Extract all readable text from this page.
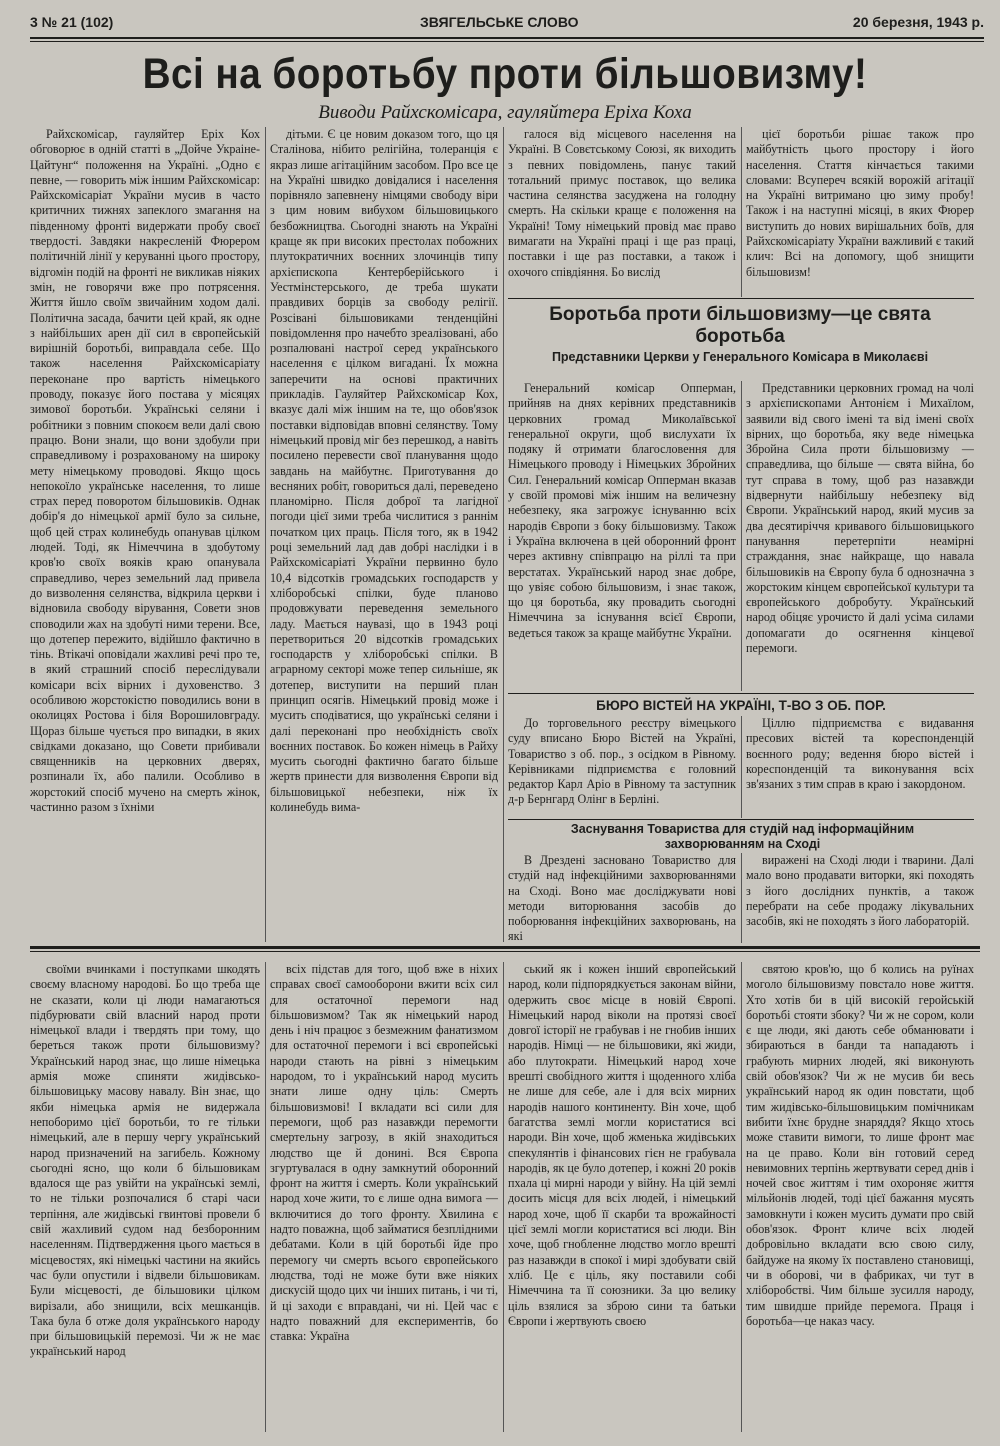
3 № 21 (102)	ЗВЯГЕЛЬСЬКЕ СЛОВО	20 березня, 1943 р.
Всі на боротьбу проти більшовизму!
Виводи Райхскомісара, гауляйтера Еріха Коха

Райхскомісар, гауляйтер Еріх Кох обговорює в одній статті в „Дойче Украіне-Цайтунг“ положення на Україні. „Одно є певне, — говорить між іншим Райхскомісар: Райхскомісаріат України мусив в часто критичних тижнях запеклого змагання на південному фронті видержати пробу своєї твердості. Завдяки накресленій Фюрером політичній лінії у керуванні цього простору, відгомін подій на фронті не викликав ніяких змін, не говорячи вже про потрясення. Життя йшло своїм звичайним ходом далі. Політична засада, бачити цей край, як одне з найбільших арен дії сил в європейській вирішній боротьбі, виправдала себе. Що також населення Райхскомісаріату переконане про вартість німецького проводу, показує його постава у місяцях зимової боротьби. Українські селяни і робітники з повним спокоєм вели далі свою працю. Вони знали, що вони здобули при справедливому і розрахованому на широку мету німецькому проводові. Якщо щось непокоїло українське населення, то лише страх перед поворотом більшовиків. Однак добір'я до німецької армії було за сильне, щоб цей страх колинебудь опанував цілком людей. Тоді, як Німеччина в здобутому кров'ю своїх вояків краю опанувала справедливо, через земельний лад привела до визволення селянства, відкрила церкви і відновила свободу вірування, Совети знов споводили жах на здобуті ними терени. Все, що дотепер пережито, відійшло фактично в тінь. Втікачі оповідали жахливі речі про те, в який страшний спосіб переслідували комісари всіх вірних і духовенство. З особливою жорстокістю поводились вони в околицях Ростова і біля Ворошиловграду. Щораз більше чується про випадки, в яких свідками доказано, що Совети прибивали священників на церковних дверях, розпинали їх, або палили. Особливо в жорстокий спосіб мучено на смерть жінок, частинно разом з їхніми

дітьми. Є це новим доказом того, що ця Сталінова, нібито релігійна, толеранція є якраз лише агітаційним засобом. Про все це на Україні швидко довідалися і населення порівняло запевнену німцями свободу віри з цим новим вибухом більшовицького безбожництва. Сьогодні знають на Україні краще як при високих престолах побожних плутократичних воєнних злочинців типу архієпископа Кентерберійського і Уестмінстерського, де треба шукати правдивих борців за свободу релігії. Розсівані більшовиками тенденційні повідомлення про начебто зреалізовані, або розпалювані настрої серед українського населення є цілком вигадані. Їх можна заперечити на основі практичних прикладів. Гауляйтер Райхскомісар Кох, вказує далі між іншим на те, що обов'язок поставки відповідав вповні селянству. Тому німецький провід міг без перешкод, а навіть посилено перевести свої планування щодо завдань на майбутнє. Приготування до весняних робіт, говориться далі, переведено планомірно. Після доброї та лагідної погоди цієї зими треба числитися з раннім початком цих праць. Після того, як в 1942 році земельний лад дав добрі наслідки і в Райхскомісаріаті України первинно було 10,4 відсотків громадських господарств у хліборобські спілки, буде планово продовжувати переведення земельного ладу. Мається наувазі, що в 1943 році перетвориться 20 відсотків громадських господарств у хліборобські спілки. В аграрному секторі може тепер сильніше, як дотепер, виступити на перший план принцип осягів. Німецький провід може і мусить сподіватися, що українські селяни і далі переконані про необхідність своїх воєнних поставок. Бо кожен німець в Райху мусить сьогодні фактично багато більше жертв принести для визволення Європи від більшовицької небезпеки, ніж їх колинебудь вима-

галося від місцевого населення на Україні. В Совєтському Союзі, як виходить з певних повідомлень, панує такий тотальний примус поставок, що велика частина селянства засуджена на голодну смерть. На скільки краще є положення на Україні! Тому німецький провід має право вимагати на Україні праці і ще раз праці, поставки і ще раз поставки, а також і охочого співдіяння. Бо вислід

цієї боротьби рішає також про майбутність цього простору і його населення. Стаття кінчається такими словами: Всупереч всякій ворожій агітації на Україні витримано цю зиму пробу! Також і на наступні місяці, в яких Фюрер виступить до нових вирішальних боїв, для Райхскомісаріату України важливий є такий клич: Всі на допомогу, щоб знищити більшовизм!

Боротьба проти більшовизму—це свята боротьба
Представники Церкви у Генерального Комісара в Миколаєві

Генеральний комісар Опперман, прийняв на днях керівних представників церковних громад Миколаївської генеральної округи, щоб вислухати їх подяку й отримати благословення для Німецького проводу і Німецьких Збройних Сил. Генеральний комісар Опперман вказав у своїй промові між іншим на величезну небезпеку, яка загрожує існуванню всіх народів Європи з боку більшовизму. Також і Україна включена в цей оборонний фронт через активну співпрацю на ріллі та при верстатах. Український народ знає добре, що увіяє собою більшовизм, і знає також, що ця боротьба, яку провадить сьогодні Німеччина за існування всієї Європи, ведеться також за краще майбутнє України.

Представники церковних громад на чолі з архієпископами Антонієм і Михаїлом, заявили від свого імені та від імені своїх вірних, що боротьба, яку веде німецька Збройна Сила проти більшовизму — справедлива, що більше — свята війна, бо тут справа в тому, щоб раз назавжди відвернути найбільшу небезпеку від Європи. Український народ, який мусив за два десятиріччя кривавого більшовицького панування перетерпіти неамірні страждання, знає найкраще, що навала більшовиків на Європу була б однозначна з жорстоким кінцем європейської культури та європейського добробуту. Український народ обіцяє урочисто й далі усіма силами допомагати до осягнення кінцевої перемоги.

БЮРО ВІСТЕЙ НА УКРАЇНІ, Т-ВО З ОБ. ПОР.

До торговельного реєстру вімецького суду вписано Бюро Вістей на Україні, Товариство з об. пор., з осідком в Рівному. Керівниками підприємства є головний редактор Карл Аріо в Рівному та заступник д-р Бернгард Олінг в Берліні.

Ціллю підприємства є видавання пресових вістей та кореспонденцій воєнного роду; ведення бюро вістей і кореспонденцій та виконування всіх зв'язаних з тим справ в краю і закордоном.

Заснування Товариства для студій над інформаційним захворюванням на Сході

В Дрездені засновано Товариство для студій над інфекційними захворюваннями на Сході. Воно має досліджувати нові методи виторювання засобів до поборювання інфекційних захворювань, на які

виражені на Сході люди і тварини. Далі мало воно продавати виторки, які походять з його дослідних пунктів, а також перебрати на себе продажу лікувальних засобів, які не походять з його лабораторій.

своїми вчинками і поступками шкодять своєму власному народові. Бо що треба ще не сказати, коли ці люди намагаються підбурювати свій власний народ проти німецької влади і твердять при тому, що береться також проти більшовизму? Український народ знає, що лише німецька армія може спиняти жидівсько-більшовицьку масову навалу. Він знає, що якби німецька армія не видержала непоборимо цієї боротьби, то ге тільки німецький, але в першу чергу український народ призначений на загибель. Кожному сьогодні ясно, що коли б більшовикам вдалося ще раз увійти на українські землі, то не тільки розпочалися б старі часи терпіння, але жидівські гвинтові провели б свій жахливий судом над безборонним населенням. Підтвердження цього мається в місцевостях, які німецькі частини на якийсь час були опустили і відвели більшовикам. Були місцевості, де більшовики цілком вирізали, або знищили, всіх мешканців. Така була б отже доля українського народу при більшовицькій перемозі. Чи ж не має український народ

всіх підстав для того, щоб вже в ніхих справах своєї самооборони вжити всіх сил для остаточної перемоги над більшовизмом? Так як німецький народ день і ніч працює з безмежним фанатизмом для остаточної перемоги і всі європейські народи стають на рівні з німецьким народом, то і український народ мусить знати лише одну ціль: Смерть більшовизмові! І вкладати всі сили для перемоги, щоб раз назавжди перемогти смертельну загрозу, в якій знаходиться людство ще й донині. Вся Європа згуртувалася в одну замкнутий оборонний фронт на життя і смерть. Коли український народ хоче жити, то є лише одна вимога — включитися до того фронту. Хвилина є надто поважна, щоб займатися безплідними дебатами. Коли в цій боротьбі йде про перемогу чи смерть всього європейського людства, тоді не може бути вже ніяких дискусій щодо цих чи інших питань, і чи ті, й ці заходи є вправдані, чи ні. Цей час є надто поважний для експериментів, бо ставка: Україна

ський як і кожен інший європейський народ, коли підпорядкується законам війни, одержить своє місце в новій Європі. Німецький народ віколи на протязі своєї довгої історії не грабував і не гнобив інших народів. Німці — не більшовики, які жиди, або плутократи. Німецький народ хоче врешті свобідного життя і щоденного хліба не лише для себе, але і для всіх мирних народів нашого континенту. Він хоче, щоб багатства землі могли користатися всі народи. Він хоче, щоб жменька жидівських спекулянтів і фінансових гієн не грабувала народів, як це було дотепер, і кожні 20 років пхала ці мирні народи у війну. На цій землі досить місця для всіх людей, і німецький народ хоче, щоб її скарби та врожайності цієї землі могли користатися всі люди. Він хоче, щоб гнобленне людство могло врешті раз назавжди в спокої і мирі здобувати свій хліб. Це є ціль, яку поставили собі Німеччина та її союзники. За цю велику ціль взялися за зброю сини та батьки Європи і жертвують своєю

святою кров'ю, що б колись на руїнах моголо більшовизму повстало нове життя. Хто хотів би в цій високій геройській боротьбі стояти збоку? Чи ж не сором, коли є ще люди, які дають себе обманювати і збираються в банди та нападають і грабують мирних людей, які виконують свій обов'язок? Чи ж не мусив би весь український народ як один повстати, щоб тим жидівсько-більшовицьким помічникам вибити їхнє брудне знаряддя? Якщо хтось може ставити вимоги, то лише фронт має на це право. Коли він готовий серед невимовних терпінь жертвувати серед днів і ночей своє життям і тим охороняє життя мільйонів людей, тоді цієї бажання мусять замовкнути і кожен мусить думати про свій обов'язок. Фронт кличе всіх людей добровільно вкладати всю свою силу, байдуже на якому їх поставлено становищі, чи в оборові, чи в фабриках, чи тут в хліборобстві. Чим більше зусилля народу, тим швидше прийде перемога. Праця і боротьба—це наказ часу.
